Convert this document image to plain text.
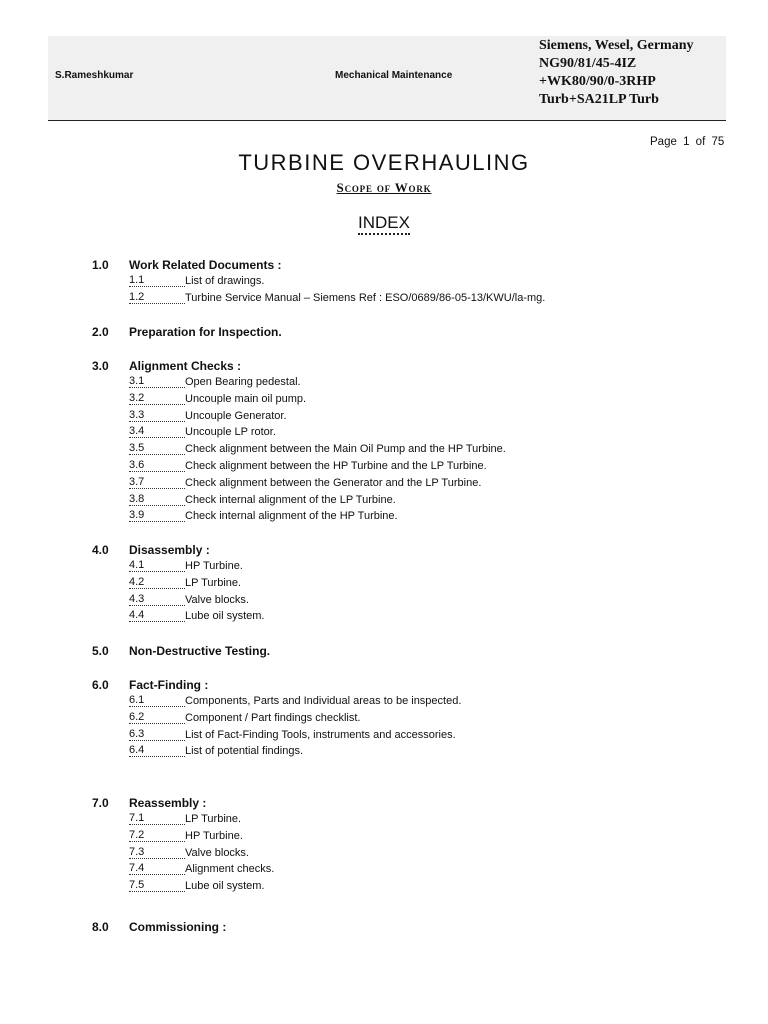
S.Rameshkumar	Mechanical Maintenance
Siemens, Wesel, Germany
NG90/81/45-4IZ
+WK80/90/0-3RHP
Turb+SA21LP Turb
Page 1 of 75
TURBINE OVERHAULING
Scope of Work
INDEX
1.0 Work Related Documents :
1.1	List of drawings.
1.2	Turbine Service Manual – Siemens Ref : ESO/0689/86-05-13/KWU/la-mg.
2.0 Preparation for Inspection.
3.0 Alignment Checks :
3.1	Open Bearing pedestal.
3.2	Uncouple main oil pump.
3.3	Uncouple Generator.
3.4	Uncouple LP rotor.
3.5	Check alignment between the Main Oil Pump and the HP Turbine.
3.6	Check alignment between the HP Turbine and the LP Turbine.
3.7	Check alignment between the Generator and the LP Turbine.
3.8	Check internal alignment of the LP Turbine.
3.9	Check internal alignment of the HP Turbine.
4.0 Disassembly :
4.1	HP Turbine.
4.2	LP Turbine.
4.3	Valve blocks.
4.4	Lube oil system.
5.0 Non-Destructive Testing.
6.0 Fact-Finding :
6.1	Components, Parts and Individual areas to be inspected.
6.2	Component / Part findings checklist.
6.3	List of Fact-Finding Tools, instruments and accessories.
6.4	List of potential findings.
7.0 Reassembly :
7.1	LP Turbine.
7.2	HP Turbine.
7.3	Valve blocks.
7.4	Alignment checks.
7.5	Lube oil system.
8.0 Commissioning :
